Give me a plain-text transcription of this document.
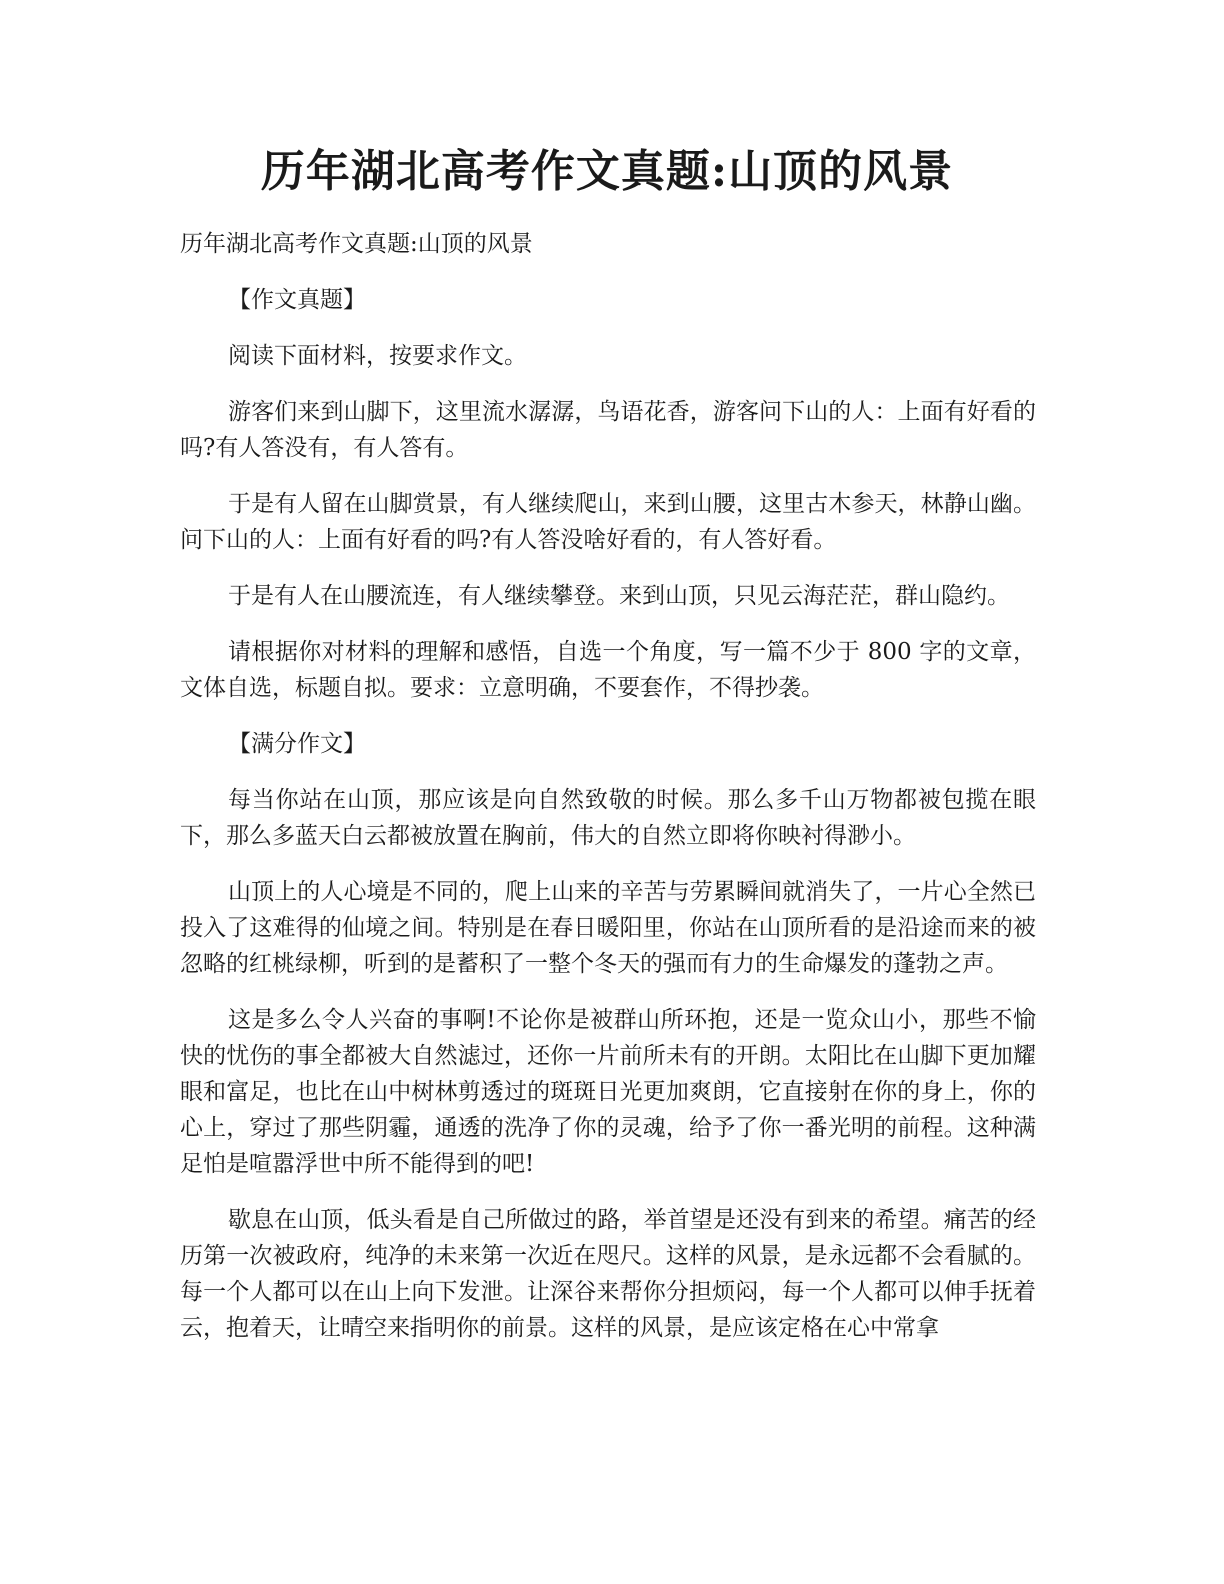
历年湖北高考作文真题:山顶的风景

历年湖北高考作文真题:山顶的风景

【作文真题】

阅读下面材料，按要求作文。

游客们来到山脚下，这里流水潺潺，鸟语花香，游客问下山的人：上面有好看的吗?有人答没有，有人答有。

于是有人留在山脚赏景，有人继续爬山，来到山腰，这里古木参天，林静山幽。问下山的人：上面有好看的吗?有人答没啥好看的，有人答好看。

于是有人在山腰流连，有人继续攀登。来到山顶，只见云海茫茫，群山隐约。

请根据你对材料的理解和感悟，自选一个角度，写一篇不少于 800 字的文章，文体自选，标题自拟。要求：立意明确，不要套作，不得抄袭。

【满分作文】

每当你站在山顶，那应该是向自然致敬的时候。那么多千山万物都被包揽在眼下，那么多蓝天白云都被放置在胸前，伟大的自然立即将你映衬得渺小。

山顶上的人心境是不同的，爬上山来的辛苦与劳累瞬间就消失了，一片心全然已投入了这难得的仙境之间。特别是在春日暖阳里，你站在山顶所看的是沿途而来的被忽略的红桃绿柳，听到的是蓄积了一整个冬天的强而有力的生命爆发的蓬勃之声。

这是多么令人兴奋的事啊!不论你是被群山所环抱，还是一览众山小，那些不愉快的忧伤的事全都被大自然滤过，还你一片前所未有的开朗。太阳比在山脚下更加耀眼和富足，也比在山中树林剪透过的斑斑日光更加爽朗，它直接射在你的身上，你的心上，穿过了那些阴霾，通透的洗净了你的灵魂，给予了你一番光明的前程。这种满足怕是喧嚣浮世中所不能得到的吧!

歇息在山顶，低头看是自己所做过的路，举首望是还没有到来的希望。痛苦的经历第一次被政府，纯净的未来第一次近在咫尺。这样的风景，是永远都不会看腻的。每一个人都可以在山上向下发泄。让深谷来帮你分担烦闷，每一个人都可以伸手抚着云，抱着天，让晴空来指明你的前景。这样的风景，是应该定格在心中常拿
